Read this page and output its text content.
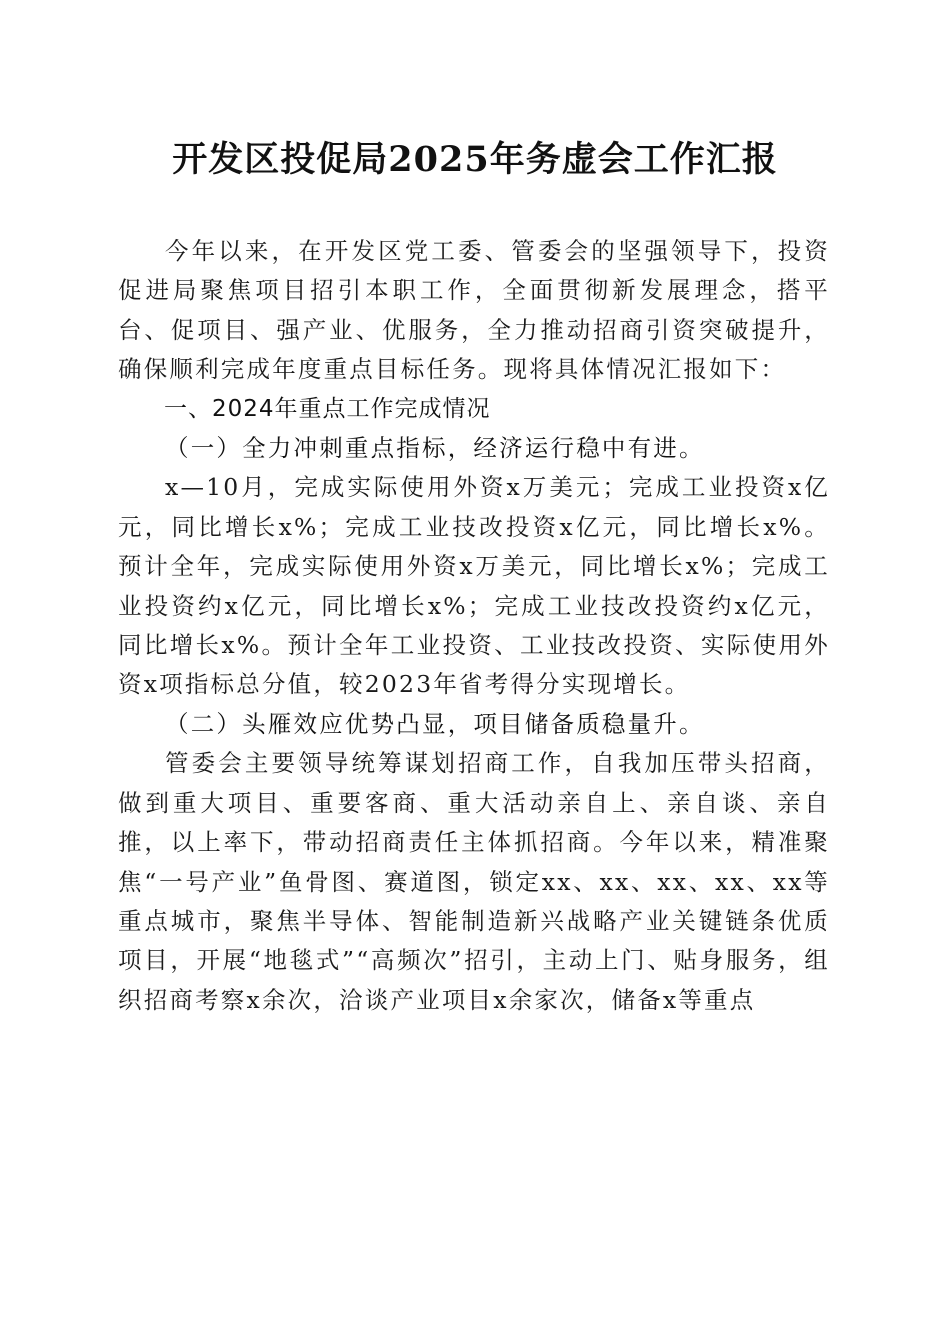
开发区投促局2025年务虚会工作汇报

今年以来，在开发区党工委、管委会的坚强领导下，投资促进局聚焦项目招引本职工作，全面贯彻新发展理念，搭平台、促项目、强产业、优服务，全力推动招商引资突破提升，确保顺利完成年度重点目标任务。现将具体情况汇报如下：

一、2024年重点工作完成情况

（一）全力冲刺重点指标，经济运行稳中有进。

x—10月，完成实际使用外资x万美元；完成工业投资x亿元，同比增长x%；完成工业技改投资x亿元，同比增长x%。预计全年，完成实际使用外资x万美元，同比增长x%；完成工业投资约x亿元，同比增长x%；完成工业技改投资约x亿元，同比增长x%。预计全年工业投资、工业技改投资、实际使用外资x项指标总分值，较2023年省考得分实现增长。

（二）头雁效应优势凸显，项目储备质稳量升。

管委会主要领导统筹谋划招商工作，自我加压带头招商，做到重大项目、重要客商、重大活动亲自上、亲自谈、亲自推，以上率下，带动招商责任主体抓招商。今年以来，精准聚焦“一号产业”鱼骨图、赛道图，锁定xx、xx、xx、xx、xx等重点城市，聚焦半导体、智能制造新兴战略产业关键链条优质项目，开展“地毯式”“高频次”招引，主动上门、贴身服务，组织招商考察x余次，洽谈产业项目x余家次，储备x等重点
